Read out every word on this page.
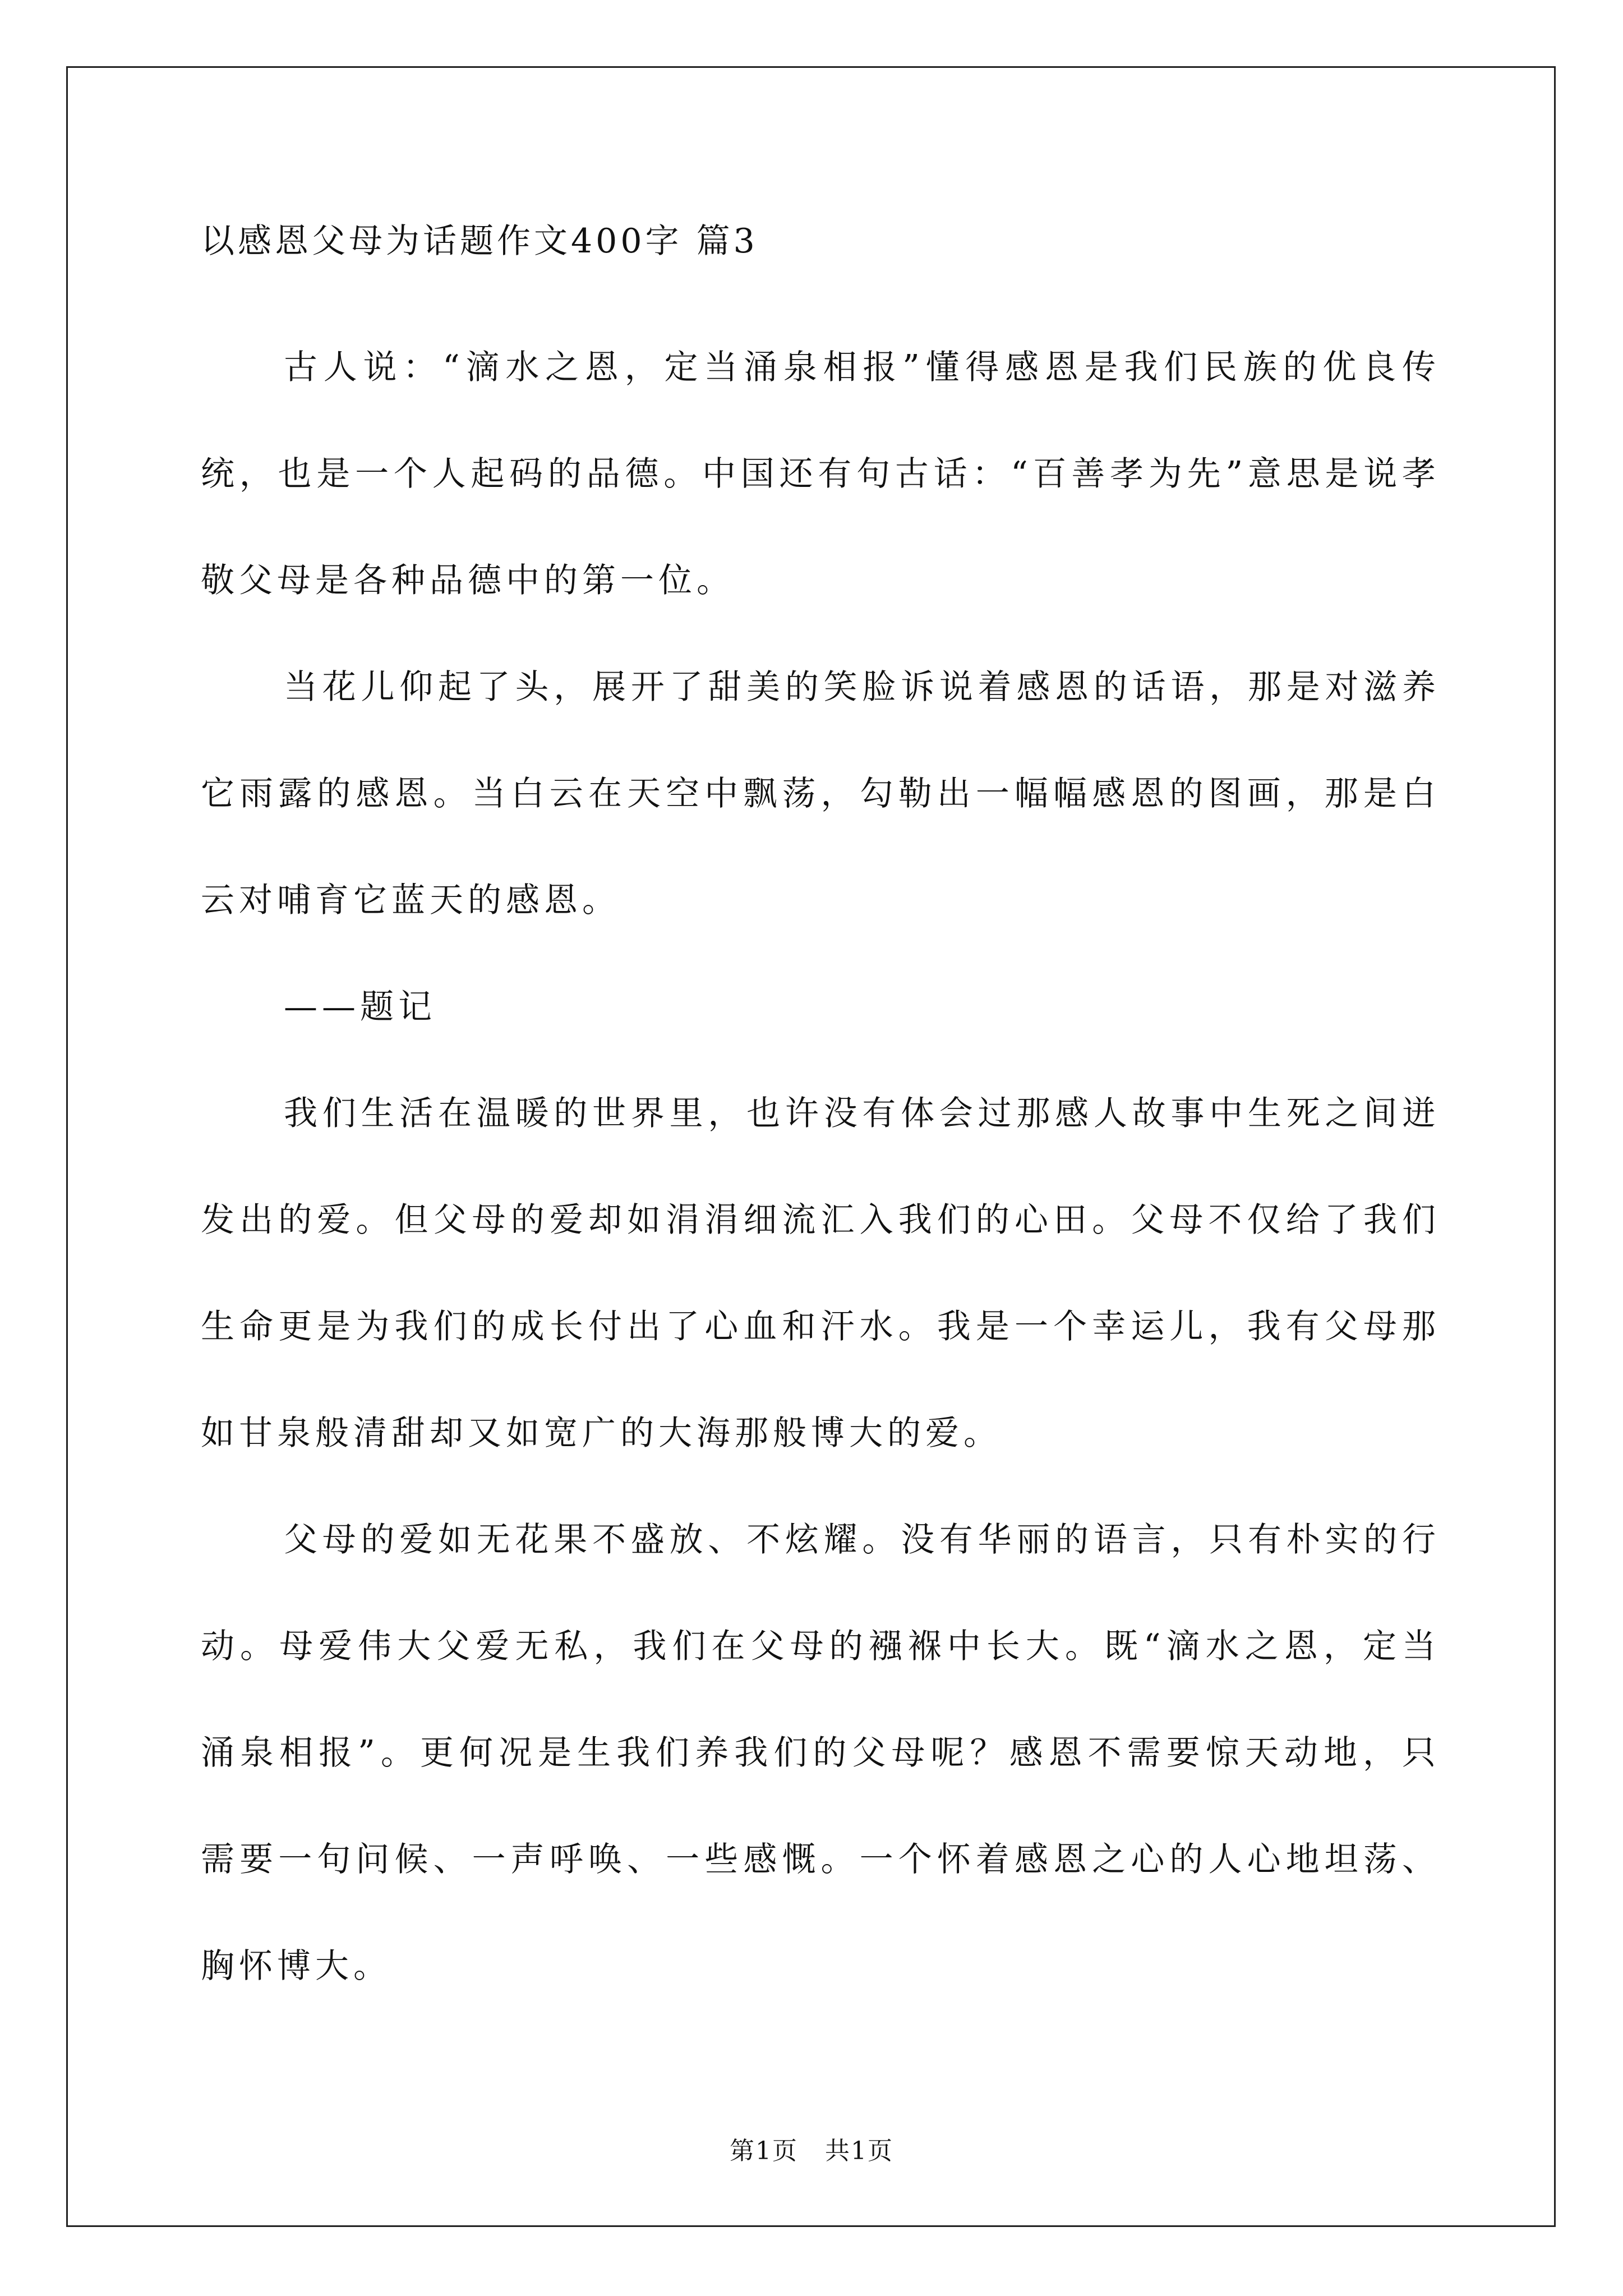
以感恩父母为话题作文400字 篇3

古人说：“滴水之恩，定当涌泉相报”懂得感恩是我们民族的优良传统，也是一个人起码的品德。中国还有句古话：“百善孝为先”意思是说孝敬父母是各种品德中的第一位。

当花儿仰起了头，展开了甜美的笑脸诉说着感恩的话语，那是对滋养它雨露的感恩。当白云在天空中飘荡，勾勒出一幅幅感恩的图画，那是白云对哺育它蓝天的感恩。

——题记

我们生活在温暖的世界里，也许没有体会过那感人故事中生死之间迸发出的爱。但父母的爱却如涓涓细流汇入我们的心田。父母不仅给了我们生命更是为我们的成长付出了心血和汗水。我是一个幸运儿，我有父母那如甘泉般清甜却又如宽广的大海那般博大的爱。

父母的爱如无花果不盛放、不炫耀。没有华丽的语言，只有朴实的行动。母爱伟大父爱无私，我们在父母的襁褓中长大。既“滴水之恩，定当涌泉相报”。更何况是生我们养我们的父母呢？感恩不需要惊天动地，只需要一句问候、一声呼唤、一些感慨。一个怀着感恩之心的人心地坦荡、胸怀博大。

第1页   共1页
